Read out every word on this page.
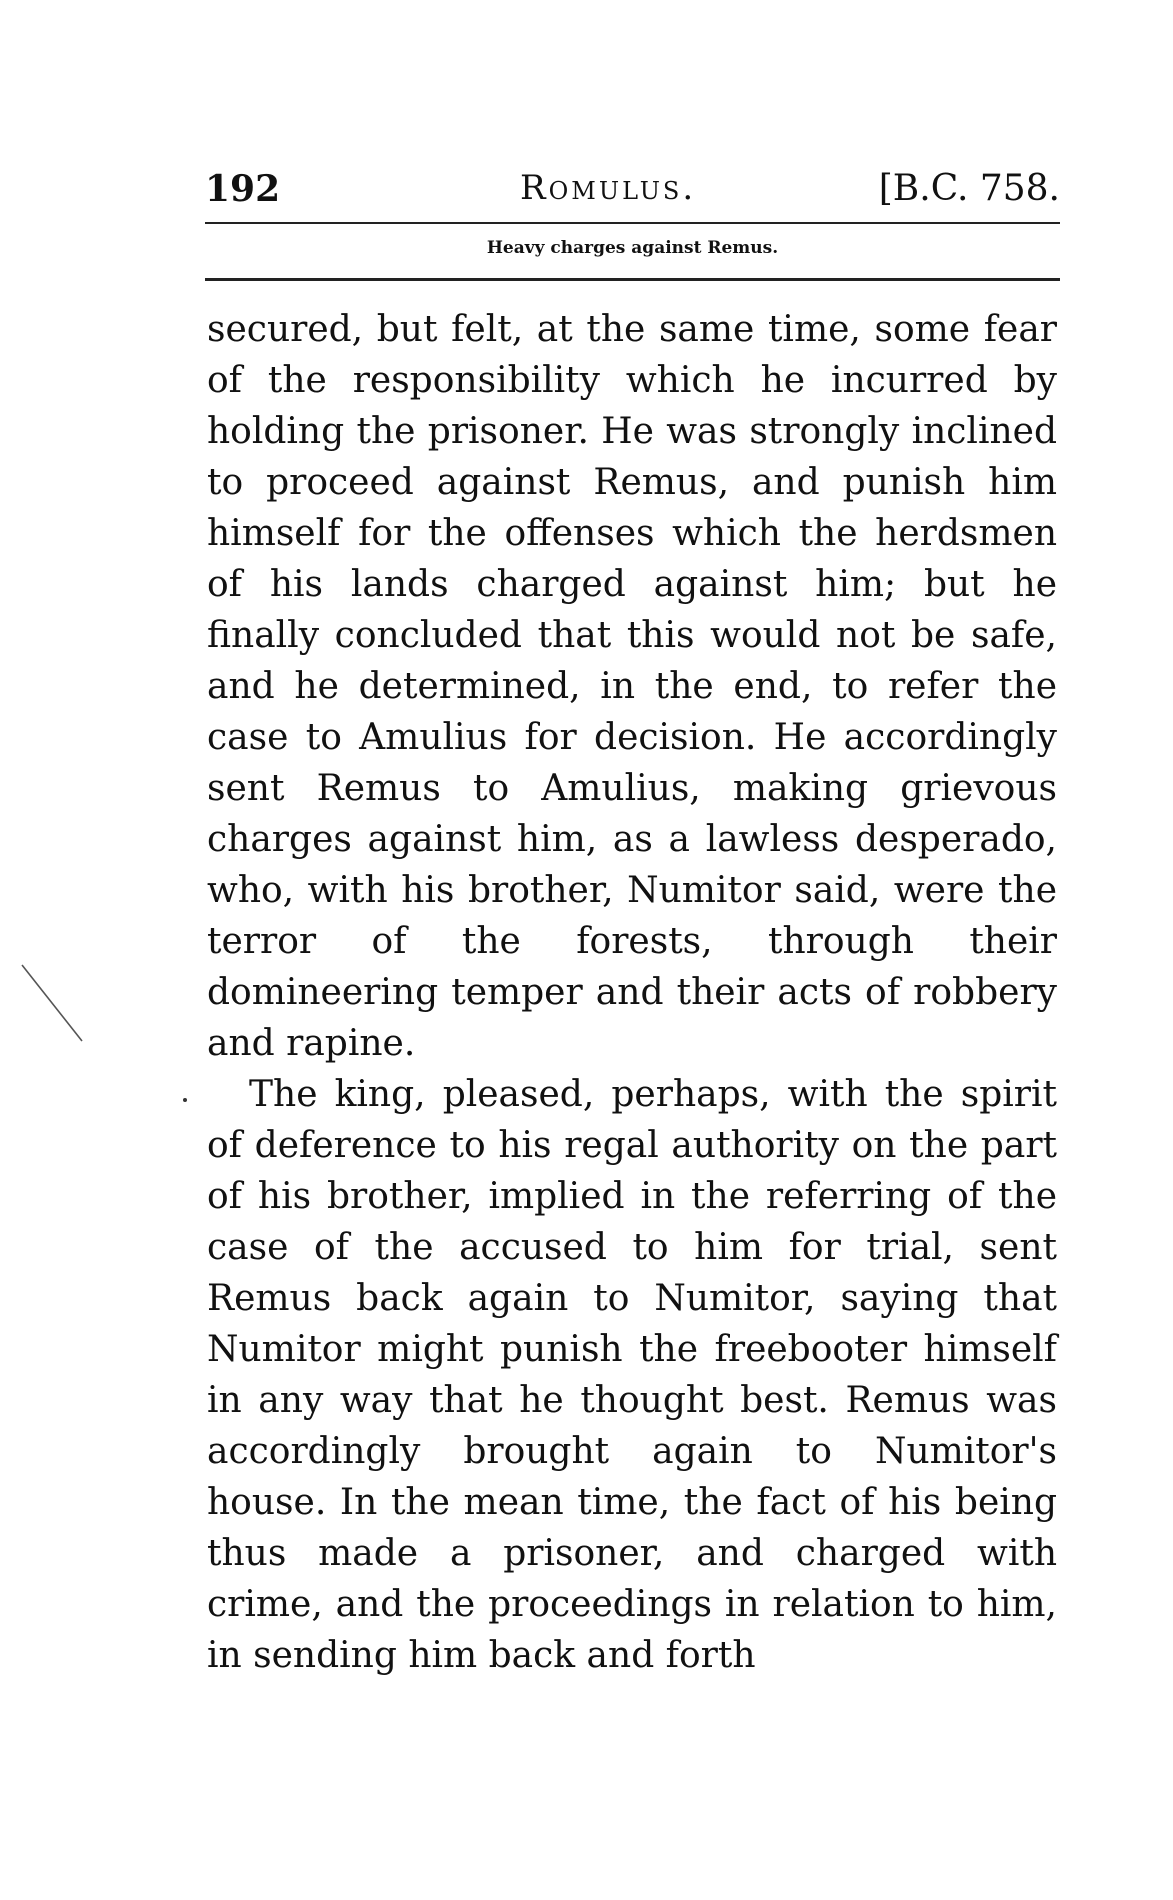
192	Romulus.	[B.C. 758.
Heavy charges against Remus.

secured, but felt, at the same time, some fear of the responsibility which he incurred by holding the prisoner. He was strongly inclined to proceed against Remus, and punish him himself for the offenses which the herdsmen of his lands charged against him; but he finally concluded that this would not be safe, and he determined, in the end, to refer the case to Amulius for decision. He accordingly sent Remus to Amulius, making grievous charges against him, as a lawless desperado, who, with his brother, Numitor said, were the terror of the forests, through their domineering temper and their acts of robbery and rapine.

The king, pleased, perhaps, with the spirit of deference to his regal authority on the part of his brother, implied in the referring of the case of the accused to him for trial, sent Remus back again to Numitor, saying that Numitor might punish the freebooter himself in any way that he thought best. Remus was accordingly brought again to Numitor's house. In the mean time, the fact of his being thus made a prisoner, and charged with crime, and the proceedings in relation to him, in sending him back and forth
